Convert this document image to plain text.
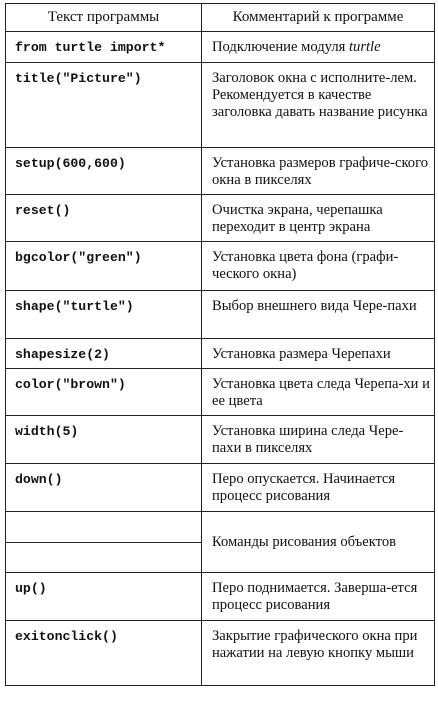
Текст программы	Комментарий к программе

from turtle import*	Подключение модуля turtle

title("Picture")	Заголовок окна с исполните-лем. Рекомендуется в качестве заголовка давать название рисунка

setup(600,600)	Установка размеров графиче-ского окна в пикселях

reset()	Очистка экрана, черепашка переходит в центр экрана

bgcolor("green")	Установка цвета фона (графи-ческого окна)

shape("turtle")	Выбор внешнего вида Чере-пахи

shapesize(2)	Установка размера Черепахи

color("brown")	Установка цвета следа Черепа-хи и ее цвета

width(5)	Установка ширина следа Чере-пахи в пикселях

down()	Перо опускается. Начинается процесс рисования

	Команды рисования объектов

up()	Перо поднимается. Заверша-ется процесс рисования

exitonclick()	Закрытие графического окна при нажатии на левую кнопку мыши
